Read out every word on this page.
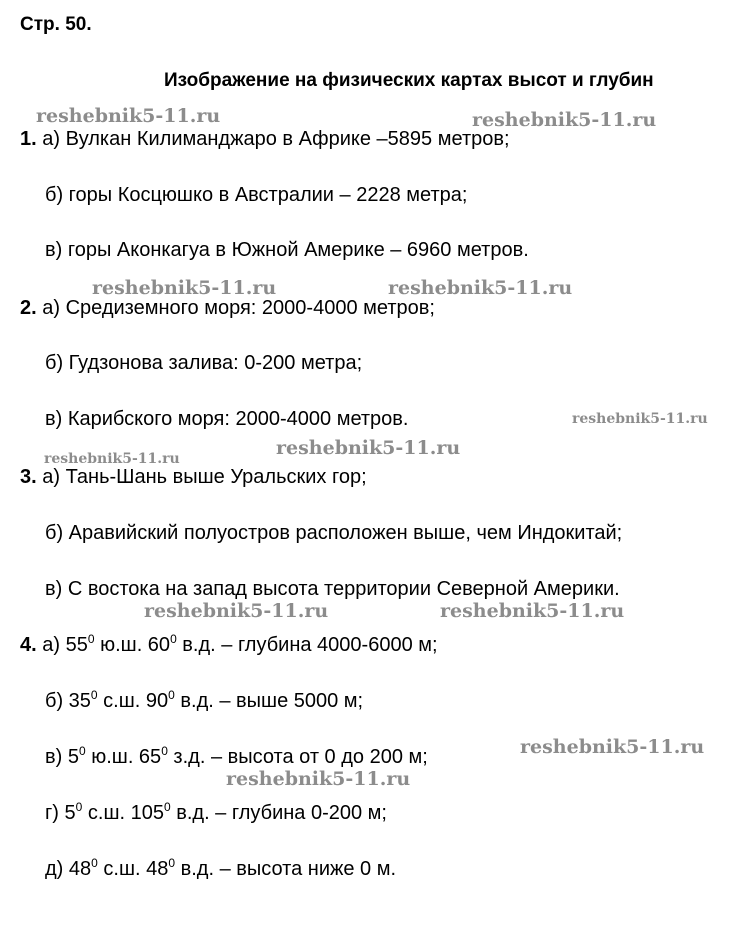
Стр. 50.
Изображение на физических картах высот и глубин
1. а) Вулкан Килиманджаро в Африке –5895 метров;
б) горы Косцюшко в Австралии – 2228 метра;
в) горы Аконкагуа в Южной Америке – 6960 метров.
2. а) Средиземного моря: 2000-4000 метров;
б) Гудзонова залива: 0-200 метра;
в) Карибского моря: 2000-4000 метров.
3. а) Тань-Шань выше Уральских гор;
б) Аравийский полуостров расположен выше, чем Индокитай;
в) С востока на запад высота территории Северной Америки.
4. а) $55^0$ ю.ш. $60^0$ в.д. – глубина 4000-6000 м;
б) $35^0$ с.ш. $90^0$ в.д. – выше 5000 м;
в) $5^0$ ю.ш. $65^0$ з.д. – высота от 0 до 200 м;
г) $5^0$ с.ш. $105^0$ в.д. – глубина 0-200 м;
д) $48^0$ с.ш. $48^0$ в.д. – высота ниже 0 м.
reshebnik5-11.ru	reshebnik5-11.ru
reshebnik5-11.ru	reshebnik5-11.ru
reshebnik5-11.ru
reshebnik5-11.ru
reshebnik5-11.ru
reshebnik5-11.ru	reshebnik5-11.ru
reshebnik5-11.ru
reshebnik5-11.ru
